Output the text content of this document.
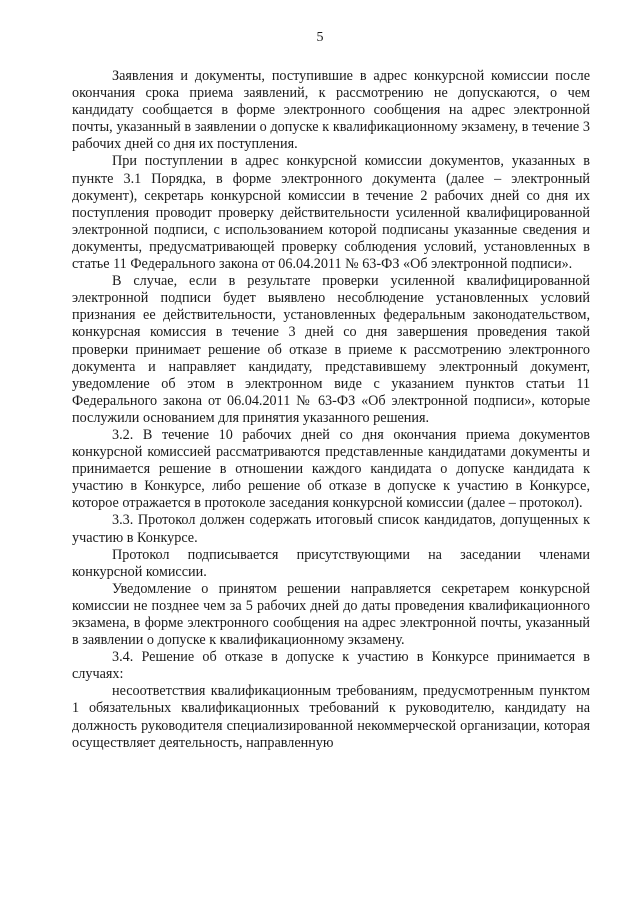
5

Заявления и документы, поступившие в адрес конкурсной комиссии после окончания срока приема заявлений, к рассмотрению не допускаются, о чем кандидату сообщается в форме электронного сообщения на адрес электронной почты, указанный в заявлении о допуске к квалификационному экзамену, в течение 3 рабочих дней со дня их поступления.

При поступлении в адрес конкурсной комиссии документов, указанных в пункте 3.1 Порядка, в форме электронного документа (далее – электронный документ), секретарь конкурсной комиссии в течение 2 рабочих дней со дня их поступления проводит проверку действительности усиленной квалифицированной электронной подписи, с использованием которой подписаны указанные сведения и документы, предусматривающей проверку соблюдения условий, установленных в статье 11 Федерального закона от 06.04.2011 № 63-ФЗ «Об электронной подписи».

В случае, если в результате проверки усиленной квалифицированной электронной подписи будет выявлено несоблюдение установленных условий признания ее действительности, установленных федеральным законодательством, конкурсная комиссия в течение 3 дней со дня завершения проведения такой проверки принимает решение об отказе в приеме к рассмотрению электронного документа и направляет кандидату, представившему электронный документ, уведомление об этом в электронном виде с указанием пунктов статьи 11 Федерального закона от 06.04.2011 № 63-ФЗ «Об электронной подписи», которые послужили основанием для принятия указанного решения.

3.2. В течение 10 рабочих дней со дня окончания приема документов конкурсной комиссией рассматриваются представленные кандидатами документы и принимается решение в отношении каждого кандидата о допуске кандидата к участию в Конкурсе, либо решение об отказе в допуске к участию в Конкурсе, которое отражается в протоколе заседания конкурсной комиссии (далее – протокол).

3.3. Протокол должен содержать итоговый список кандидатов, допущенных к участию в Конкурсе.

Протокол подписывается присутствующими на заседании членами конкурсной комиссии.

Уведомление о принятом решении направляется секретарем конкурсной комиссии не позднее чем за 5 рабочих дней до даты проведения квалификационного экзамена, в форме электронного сообщения на адрес электронной почты, указанный в заявлении о допуске к квалификационному экзамену.

3.4. Решение об отказе в допуске к участию в Конкурсе принимается в случаях:

несоответствия квалификационным требованиям, предусмотренным пунктом 1 обязательных квалификационных требований к руководителю, кандидату на должность руководителя специализированной некоммерческой организации, которая осуществляет деятельность, направленную
